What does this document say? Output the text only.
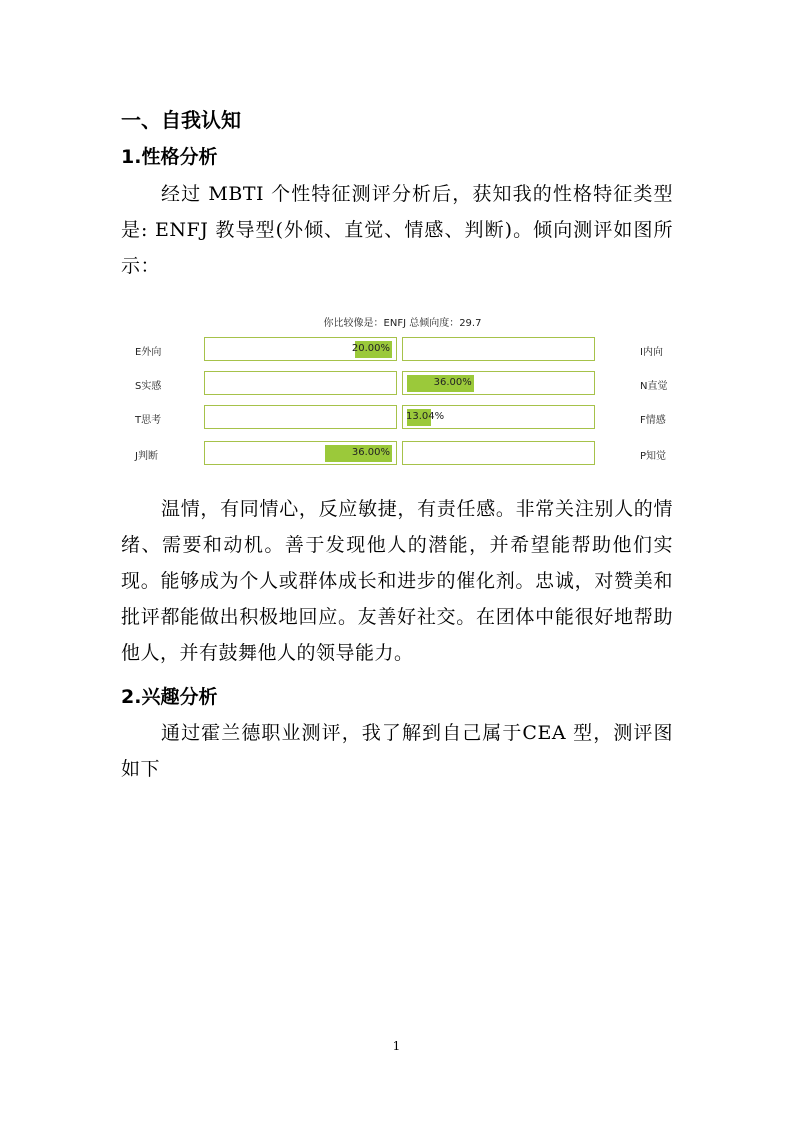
一、自我认知
1.性格分析

经过 MBTI 个性特征测评分析后，获知我的性格特征类型是: ENFJ 教导型(外倾、直觉、情感、判断)。倾向测评如图所示：

你比较像是：ENFJ 总倾向度：29.7
E外向	20.00%	I内向
S实感	36.00%	N直觉
T思考	13.04%	F情感
J判断	36.00%	P知觉

温情，有同情心，反应敏捷，有责任感。非常关注别人的情绪、需要和动机。善于发现他人的潜能，并希望能帮助他们实现。能够成为个人或群体成长和进步的催化剂。忠诚，对赞美和批评都能做出积极地回应。友善好社交。在团体中能很好地帮助他人，并有鼓舞他人的领导能力。

2.兴趣分析

通过霍兰德职业测评，我了解到自己属于CEA 型，测评图如下

1
